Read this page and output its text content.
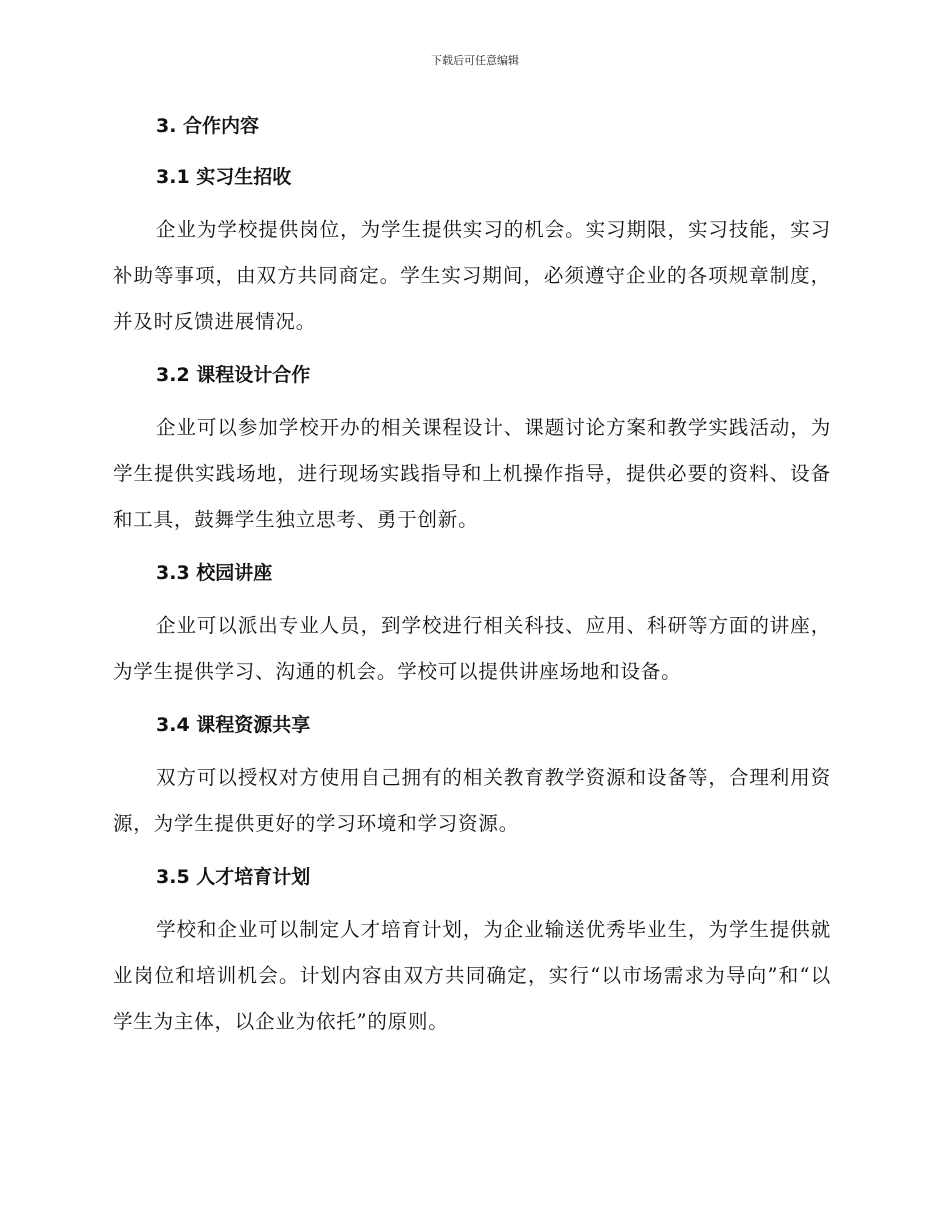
下载后可任意编辑
3. 合作内容
3.1 实习生招收

企业为学校提供岗位，为学生提供实习的机会。实习期限，实习技能，实习补助等事项，由双方共同商定。学生实习期间，必须遵守企业的各项规章制度，并及时反馈进展情况。

3.2 课程设计合作

企业可以参加学校开办的相关课程设计、课题讨论方案和教学实践活动，为学生提供实践场地，进行现场实践指导和上机操作指导，提供必要的资料、设备和工具，鼓舞学生独立思考、勇于创新。

3.3 校园讲座

企业可以派出专业人员，到学校进行相关科技、应用、科研等方面的讲座，为学生提供学习、沟通的机会。学校可以提供讲座场地和设备。

3.4 课程资源共享

双方可以授权对方使用自己拥有的相关教育教学资源和设备等，合理利用资源，为学生提供更好的学习环境和学习资源。

3.5 人才培育计划

学校和企业可以制定人才培育计划，为企业输送优秀毕业生，为学生提供就业岗位和培训机会。计划内容由双方共同确定，实行“以市场需求为导向”和“以学生为主体，以企业为依托”的原则。
